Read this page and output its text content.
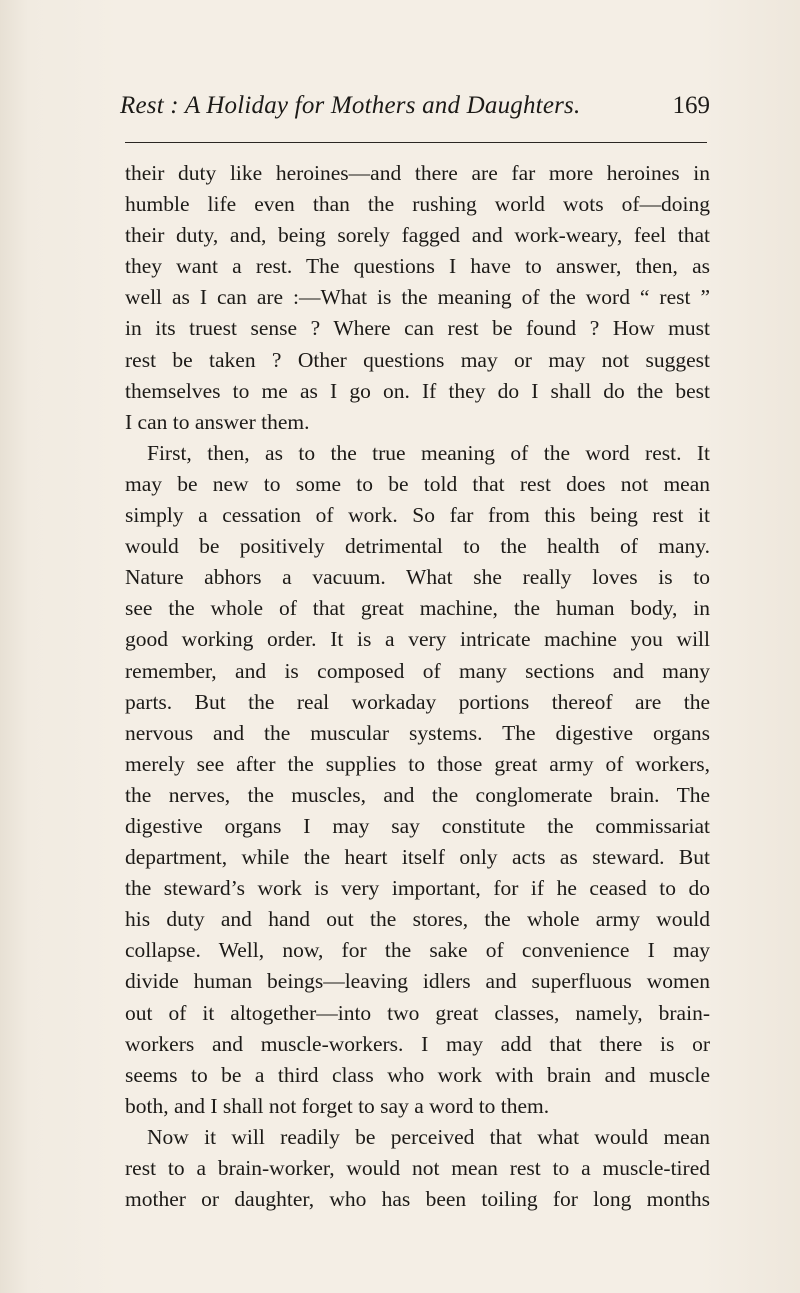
Rest : A Holiday for Mothers and Daughters.	169
their duty like heroines—and there are far more heroines in
humble life even than the rushing world wots of—doing
their duty, and, being sorely fagged and work-weary, feel that
they want a rest. The questions I have to answer, then, as
well as I can are :—What is the meaning of the word “ rest ”
in its truest sense ? Where can rest be found ? How must
rest be taken ? Other questions may or may not suggest
themselves to me as I go on. If they do I shall do the best
I can to answer them.
First, then, as to the true meaning of the word rest. It
may be new to some to be told that rest does not mean
simply a cessation of work. So far from this being rest it
would be positively detrimental to the health of many.
Nature abhors a vacuum. What she really loves is to
see the whole of that great machine, the human body, in
good working order. It is a very intricate machine you will
remember, and is composed of many sections and many
parts. But the real workaday portions thereof are the
nervous and the muscular systems. The digestive organs
merely see after the supplies to those great army of workers,
the nerves, the muscles, and the conglomerate brain. The
digestive organs I may say constitute the commissariat
department, while the heart itself only acts as steward. But
the steward’s work is very important, for if he ceased to do
his duty and hand out the stores, the whole army would
collapse. Well, now, for the sake of convenience I may
divide human beings—leaving idlers and superfluous women
out of it altogether—into two great classes, namely, brain-
workers and muscle-workers. I may add that there is or
seems to be a third class who work with brain and muscle
both, and I shall not forget to say a word to them.
Now it will readily be perceived that what would mean
rest to a brain-worker, would not mean rest to a muscle-tired
mother or daughter, who has been toiling for long months
